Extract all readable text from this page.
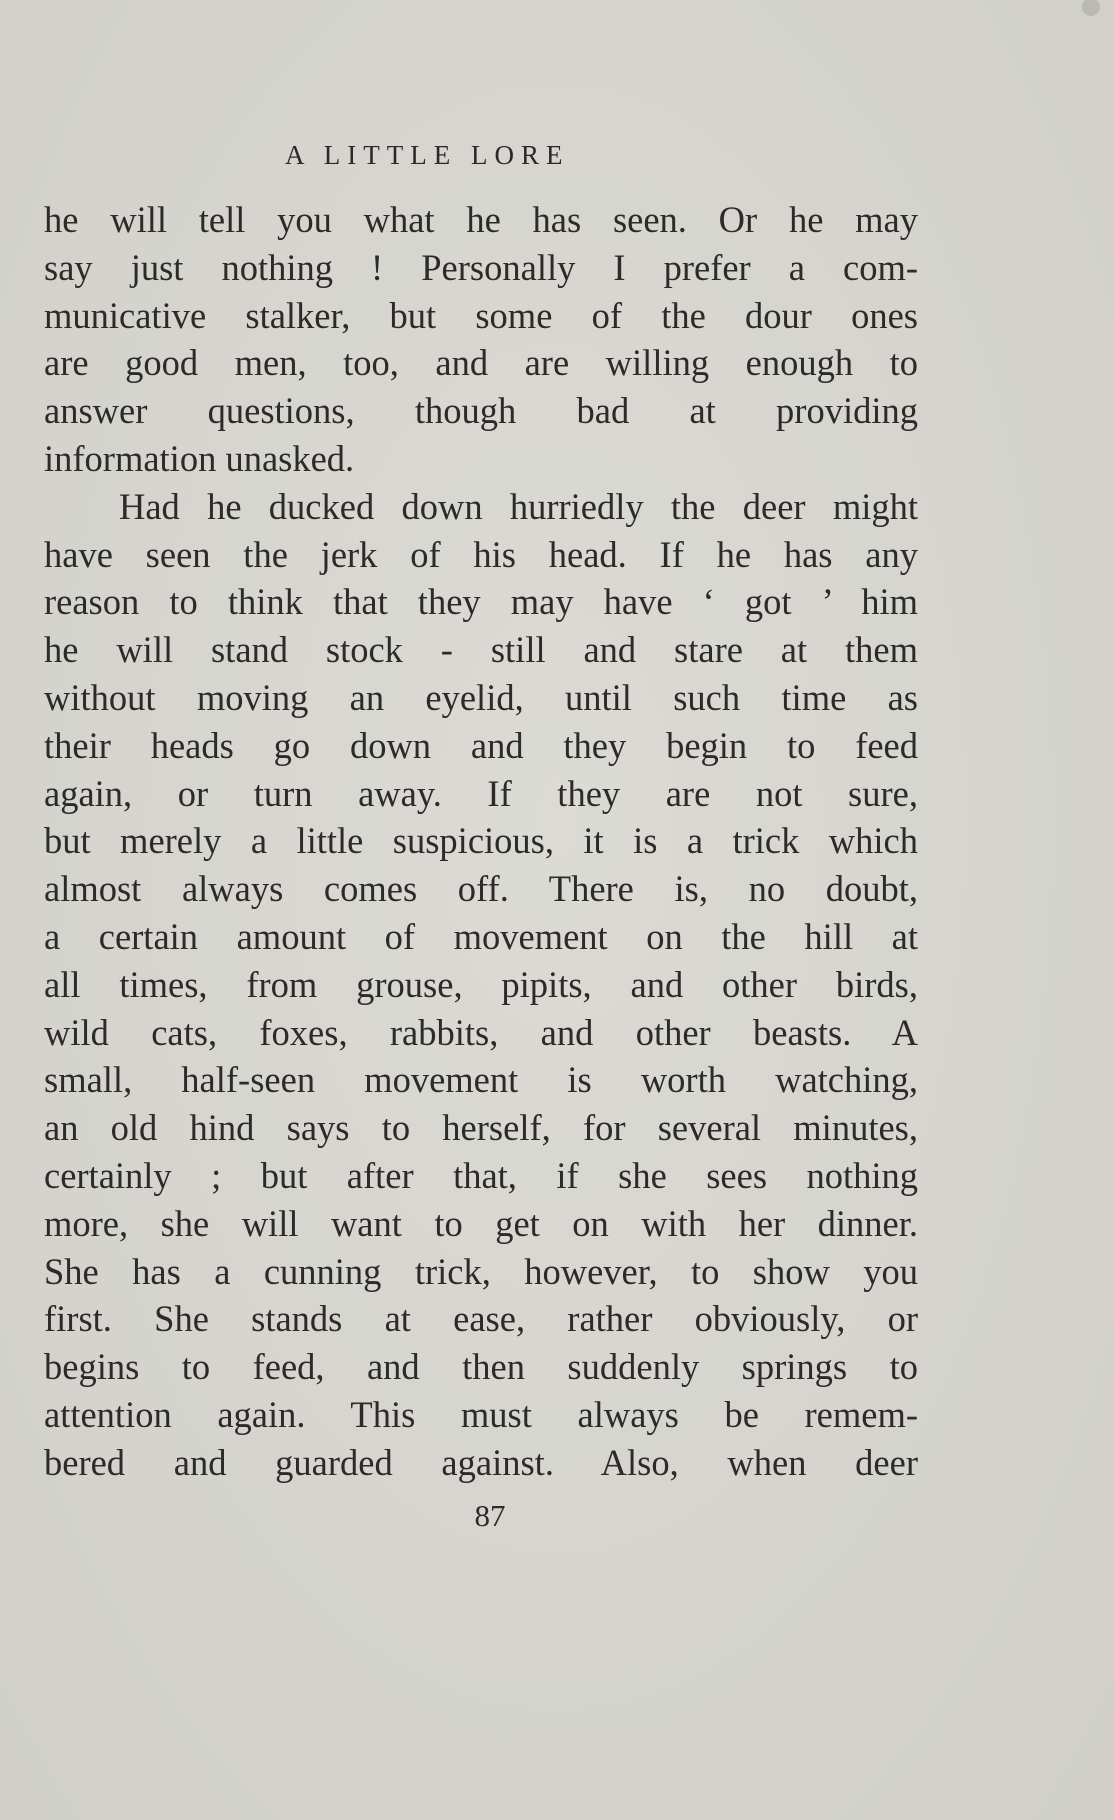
A LITTLE LORE
he will tell you what he has seen. Or he may
say just nothing ! Personally I prefer a com-
municative stalker, but some of the dour ones
are good men, too, and are willing enough to
answer questions, though bad at providing
information unasked.
Had he ducked down hurriedly the deer might
have seen the jerk of his head. If he has any
reason to think that they may have ‘ got ’ him
he will stand stock - still and stare at them
without moving an eyelid, until such time as
their heads go down and they begin to feed
again, or turn away. If they are not sure,
but merely a little suspicious, it is a trick which
almost always comes off. There is, no doubt,
a certain amount of movement on the hill at
all times, from grouse, pipits, and other birds,
wild cats, foxes, rabbits, and other beasts. A
small, half-seen movement is worth watching,
an old hind says to herself, for several minutes,
certainly ; but after that, if she sees nothing
more, she will want to get on with her dinner.
She has a cunning trick, however, to show you
first. She stands at ease, rather obviously, or
begins to feed, and then suddenly springs to
attention again. This must always be remem-
bered and guarded against. Also, when deer
87
